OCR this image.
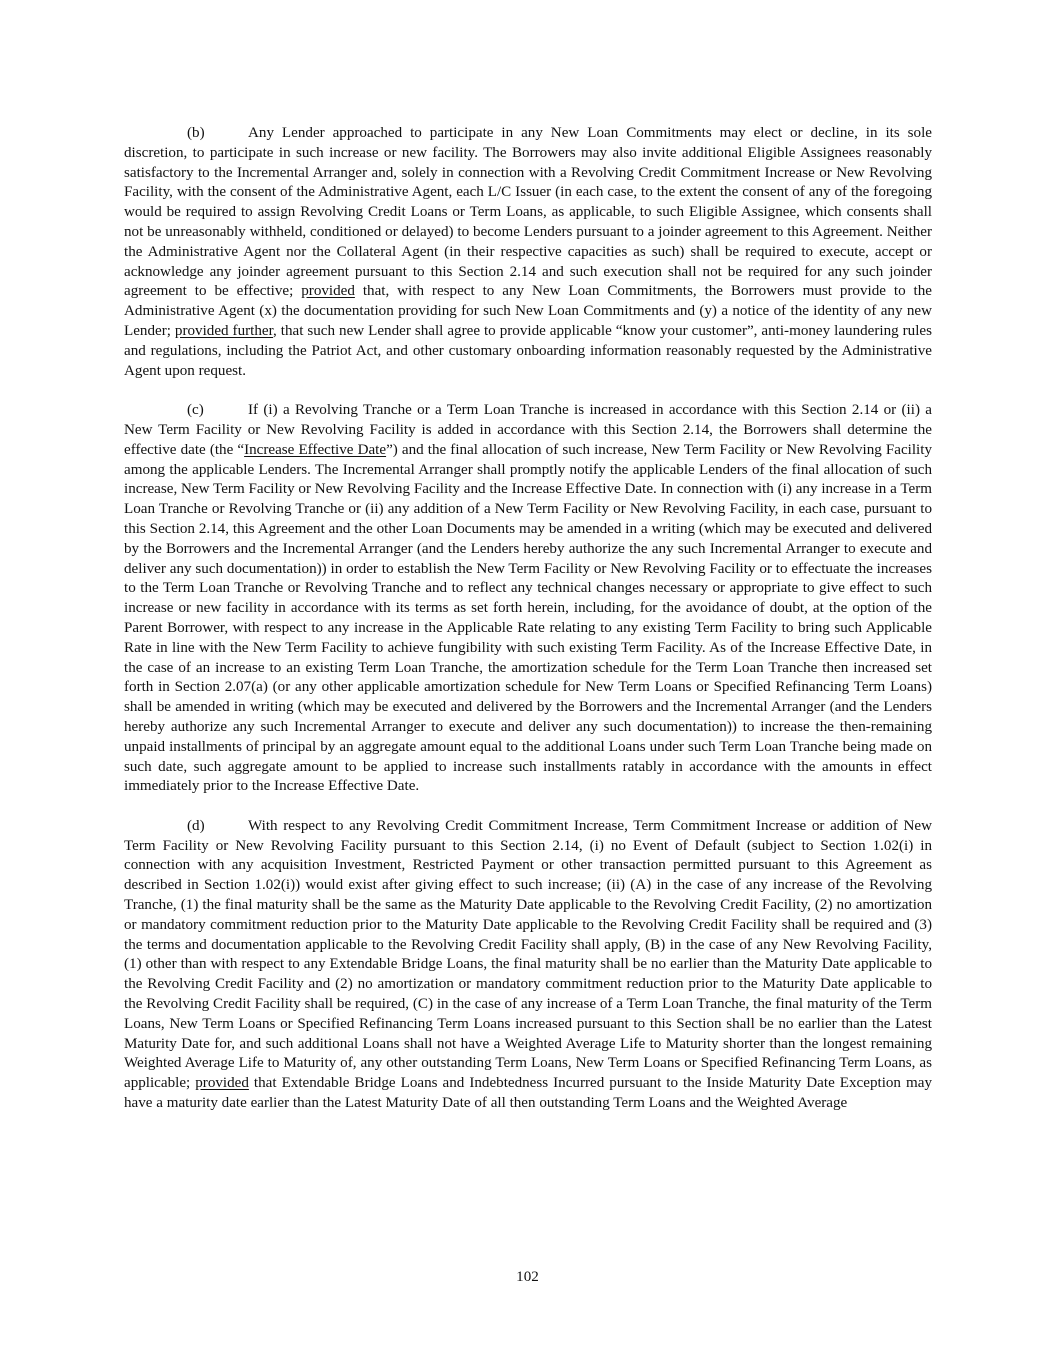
(b)	Any Lender approached to participate in any New Loan Commitments may elect or decline, in its sole discretion, to participate in such increase or new facility. The Borrowers may also invite additional Eligible Assignees reasonably satisfactory to the Incremental Arranger and, solely in connection with a Revolving Credit Commitment Increase or New Revolving Facility, with the consent of the Administrative Agent, each L/C Issuer (in each case, to the extent the consent of any of the foregoing would be required to assign Revolving Credit Loans or Term Loans, as applicable, to such Eligible Assignee, which consents shall not be unreasonably withheld, conditioned or delayed) to become Lenders pursuant to a joinder agreement to this Agreement. Neither the Administrative Agent nor the Collateral Agent (in their respective capacities as such) shall be required to execute, accept or acknowledge any joinder agreement pursuant to this Section 2.14 and such execution shall not be required for any such joinder agreement to be effective; provided that, with respect to any New Loan Commitments, the Borrowers must provide to the Administrative Agent (x) the documentation providing for such New Loan Commitments and (y) a notice of the identity of any new Lender; provided further, that such new Lender shall agree to provide applicable “know your customer”, anti-money laundering rules and regulations, including the Patriot Act, and other customary onboarding information reasonably requested by the Administrative Agent upon request.

(c)	If (i) a Revolving Tranche or a Term Loan Tranche is increased in accordance with this Section 2.14 or (ii) a New Term Facility or New Revolving Facility is added in accordance with this Section 2.14, the Borrowers shall determine the effective date (the “Increase Effective Date”) and the final allocation of such increase, New Term Facility or New Revolving Facility among the applicable Lenders. The Incremental Arranger shall promptly notify the applicable Lenders of the final allocation of such increase, New Term Facility or New Revolving Facility and the Increase Effective Date. In connection with (i) any increase in a Term Loan Tranche or Revolving Tranche or (ii) any addition of a New Term Facility or New Revolving Facility, in each case, pursuant to this Section 2.14, this Agreement and the other Loan Documents may be amended in a writing (which may be executed and delivered by the Borrowers and the Incremental Arranger (and the Lenders hereby authorize the any such Incremental Arranger to execute and deliver any such documentation)) in order to establish the New Term Facility or New Revolving Facility or to effectuate the increases to the Term Loan Tranche or Revolving Tranche and to reflect any technical changes necessary or appropriate to give effect to such increase or new facility in accordance with its terms as set forth herein, including, for the avoidance of doubt, at the option of the Parent Borrower, with respect to any increase in the Applicable Rate relating to any existing Term Facility to bring such Applicable Rate in line with the New Term Facility to achieve fungibility with such existing Term Facility. As of the Increase Effective Date, in the case of an increase to an existing Term Loan Tranche, the amortization schedule for the Term Loan Tranche then increased set forth in Section 2.07(a) (or any other applicable amortization schedule for New Term Loans or Specified Refinancing Term Loans) shall be amended in writing (which may be executed and delivered by the Borrowers and the Incremental Arranger (and the Lenders hereby authorize any such Incremental Arranger to execute and deliver any such documentation)) to increase the then-remaining unpaid installments of principal by an aggregate amount equal to the additional Loans under such Term Loan Tranche being made on such date, such aggregate amount to be applied to increase such installments ratably in accordance with the amounts in effect immediately prior to the Increase Effective Date.

(d)	With respect to any Revolving Credit Commitment Increase, Term Commitment Increase or addition of New Term Facility or New Revolving Facility pursuant to this Section 2.14, (i) no Event of Default (subject to Section 1.02(i) in connection with any acquisition Investment, Restricted Payment or other transaction permitted pursuant to this Agreement as described in Section 1.02(i)) would exist after giving effect to such increase; (ii) (A) in the case of any increase of the Revolving Tranche, (1) the final maturity shall be the same as the Maturity Date applicable to the Revolving Credit Facility, (2) no amortization or mandatory commitment reduction prior to the Maturity Date applicable to the Revolving Credit Facility shall be required and (3) the terms and documentation applicable to the Revolving Credit Facility shall apply, (B) in the case of any New Revolving Facility, (1) other than with respect to any Extendable Bridge Loans, the final maturity shall be no earlier than the Maturity Date applicable to the Revolving Credit Facility and (2) no amortization or mandatory commitment reduction prior to the Maturity Date applicable to the Revolving Credit Facility shall be required, (C) in the case of any increase of a Term Loan Tranche, the final maturity of the Term Loans, New Term Loans or Specified Refinancing Term Loans increased pursuant to this Section shall be no earlier than the Latest Maturity Date for, and such additional Loans shall not have a Weighted Average Life to Maturity shorter than the longest remaining Weighted Average Life to Maturity of, any other outstanding Term Loans, New Term Loans or Specified Refinancing Term Loans, as applicable; provided that Extendable Bridge Loans and Indebtedness Incurred pursuant to the Inside Maturity Date Exception may have a maturity date earlier than the Latest Maturity Date of all then outstanding Term Loans and the Weighted Average

102
